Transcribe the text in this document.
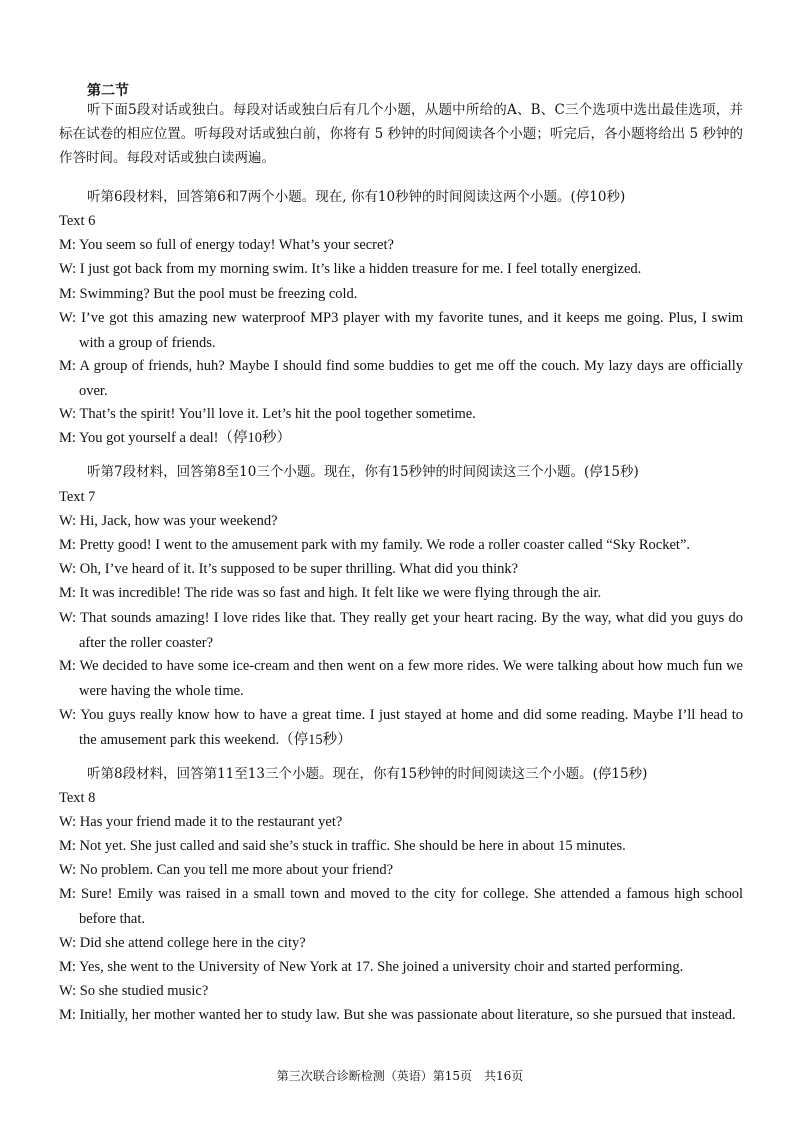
第二节
听下面5段对话或独白。每段对话或独白后有几个小题，从题中所给的A、B、C三个选项中选出最佳选项，并标在试卷的相应位置。听每段对话或独白前，你将有 5 秒钟的时间阅读各个小题；听完后，各小题将给出 5 秒钟的作答时间。每段对话或独白读两遍。
听第6段材料，回答第6和7两个小题。现在, 你有10秒钟的时间阅读这两个小题。(停10秒)
Text 6
M: You seem so full of energy today! What’s your secret?
W: I just got back from my morning swim. It’s like a hidden treasure for me. I feel totally energized.
M: Swimming? But the pool must be freezing cold.
W: I’ve got this amazing new waterproof MP3 player with my favorite tunes, and it keeps me going. Plus, I swim with a group of friends.
M: A group of friends, huh? Maybe I should find some buddies to get me off the couch. My lazy days are officially over.
W: That’s the spirit! You’ll love it. Let’s hit the pool together sometime.
M: You got yourself a deal!（停10秒）
听第7段材料，回答第8至10三个小题。现在，你有15秒钟的时间阅读这三个小题。(停15秒)
Text 7
W: Hi, Jack, how was your weekend?
M: Pretty good! I went to the amusement park with my family. We rode a roller coaster called “Sky Rocket”.
W: Oh, I’ve heard of it. It’s supposed to be super thrilling. What did you think?
M: It was incredible! The ride was so fast and high. It felt like we were flying through the air.
W: That sounds amazing! I love rides like that. They really get your heart racing. By the way, what did you guys do after the roller coaster?
M: We decided to have some ice-cream and then went on a few more rides. We were talking about how much fun we were having the whole time.
W: You guys really know how to have a great time. I just stayed at home and did some reading. Maybe I’ll head to the amusement park this weekend.（停15秒）
听第8段材料，回答第11至13三个小题。现在，你有15秒钟的时间阅读这三个小题。(停15秒)
Text 8
W: Has your friend made it to the restaurant yet?
M: Not yet. She just called and said she’s stuck in traffic. She should be here in about 15 minutes.
W: No problem. Can you tell me more about your friend?
M: Sure! Emily was raised in a small town and moved to the city for college. She attended a famous high school before that.
W: Did she attend college here in the city?
M: Yes, she went to the University of New York at 17. She joined a university choir and started performing.
W: So she studied music?
M: Initially, her mother wanted her to study law. But she was passionate about literature, so she pursued that instead.
第三次联合诊断检测（英语）第15页　共16页
